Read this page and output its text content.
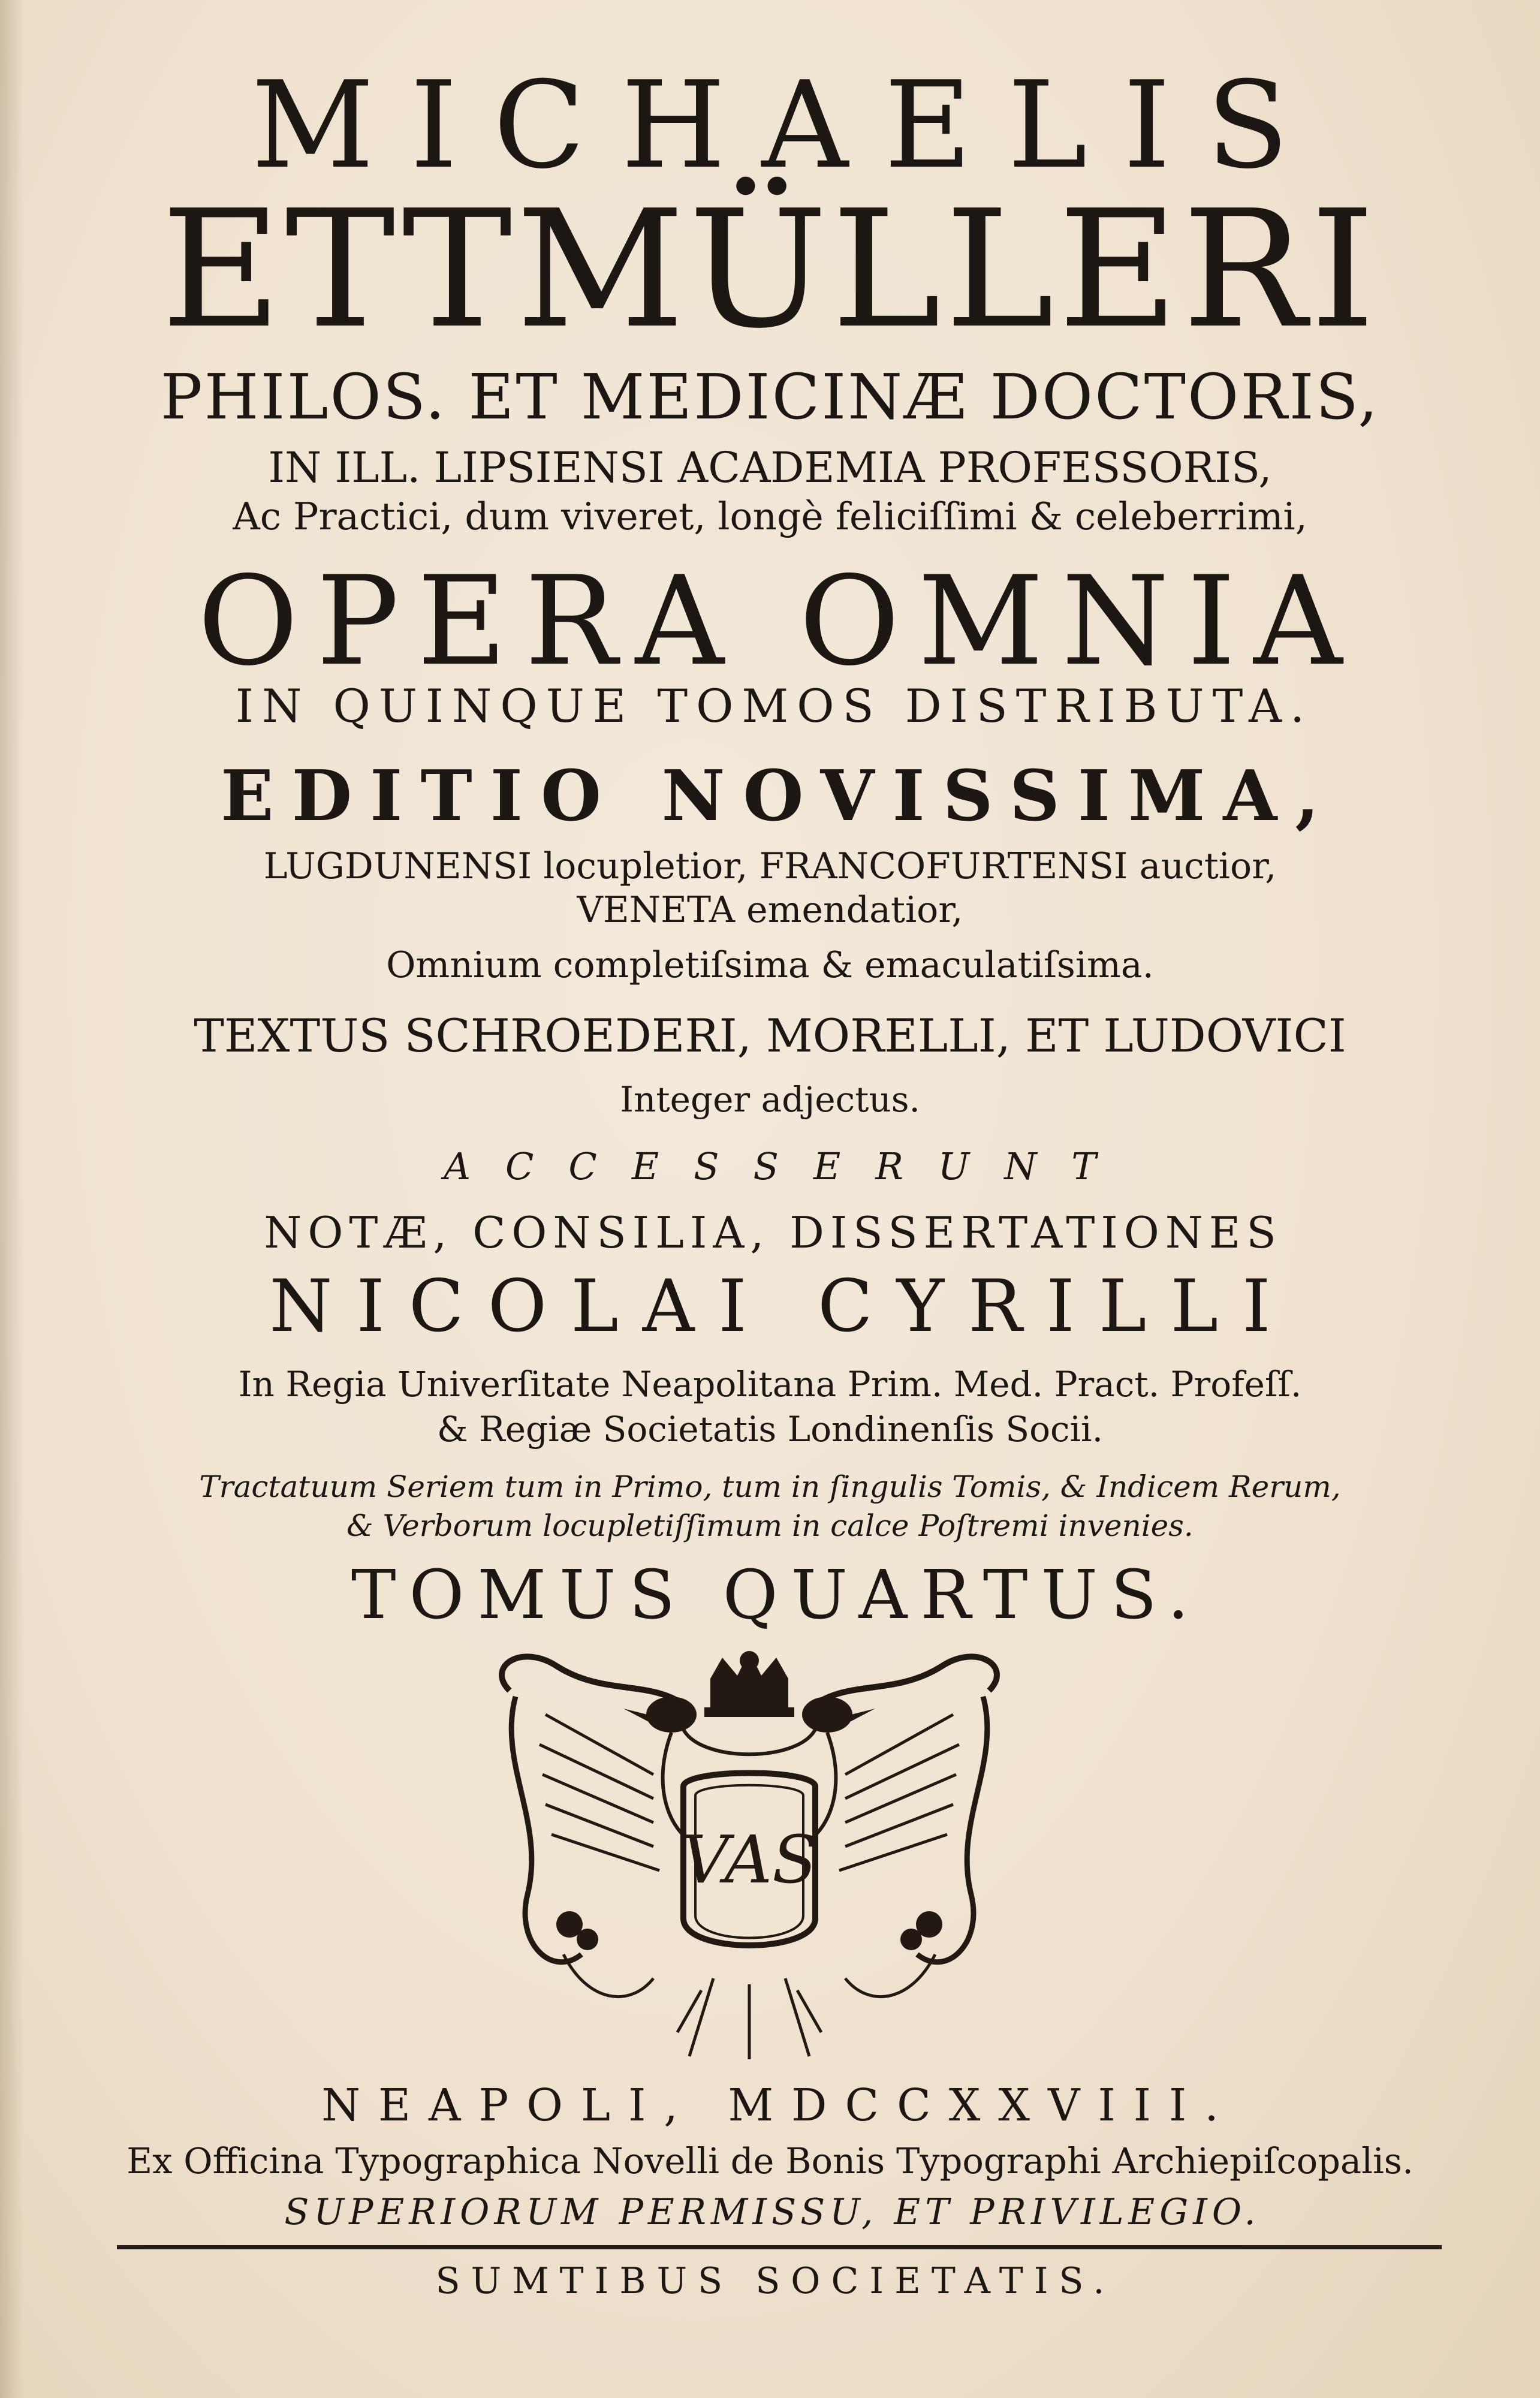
MICHAELIS
ETTMÜLLERI
PHILOS. ET MEDICINÆ DOCTORIS,
IN ILL. LIPSIENSI ACADEMIA PROFESSORIS,
Ac Practici, dum viveret, longè feliciſſimi & celeberrimi,
OPERA OMNIA
IN QUINQUE TOMOS DISTRIBUTA.
EDITIO NOVISSIMA,
LUGDUNENSI locupletior, FRANCOFURTENSI auctior,
VENETA emendatior,
Omnium completiſsima & emaculatiſsima.
TEXTUS SCHROEDERI, MORELLI, ET LUDOVICI
Integer adjectus.
ACCESSERUNT
NOTÆ, CONSILIA, DISSERTATIONES
NICOLAI CYRILLI
In Regia Univerſitate Neapolitana Prim. Med. Pract. Profeſſ.
& Regiæ Societatis Londinenſis Socii.
Tractatuum Seriem tum in Primo, tum in ſingulis Tomis, & Indicem Rerum,
& Verborum locupletiſſimum in calce Poſtremi invenies.
TOMUS QUARTUS.
VAS
NEAPOLI, MDCCXXVIII.
Ex Officina Typographica Novelli de Bonis Typographi Archiepiſcopalis.
SUPERIORUM PERMISSU, ET PRIVILEGIO.
SUMTIBUS SOCIETATIS.
